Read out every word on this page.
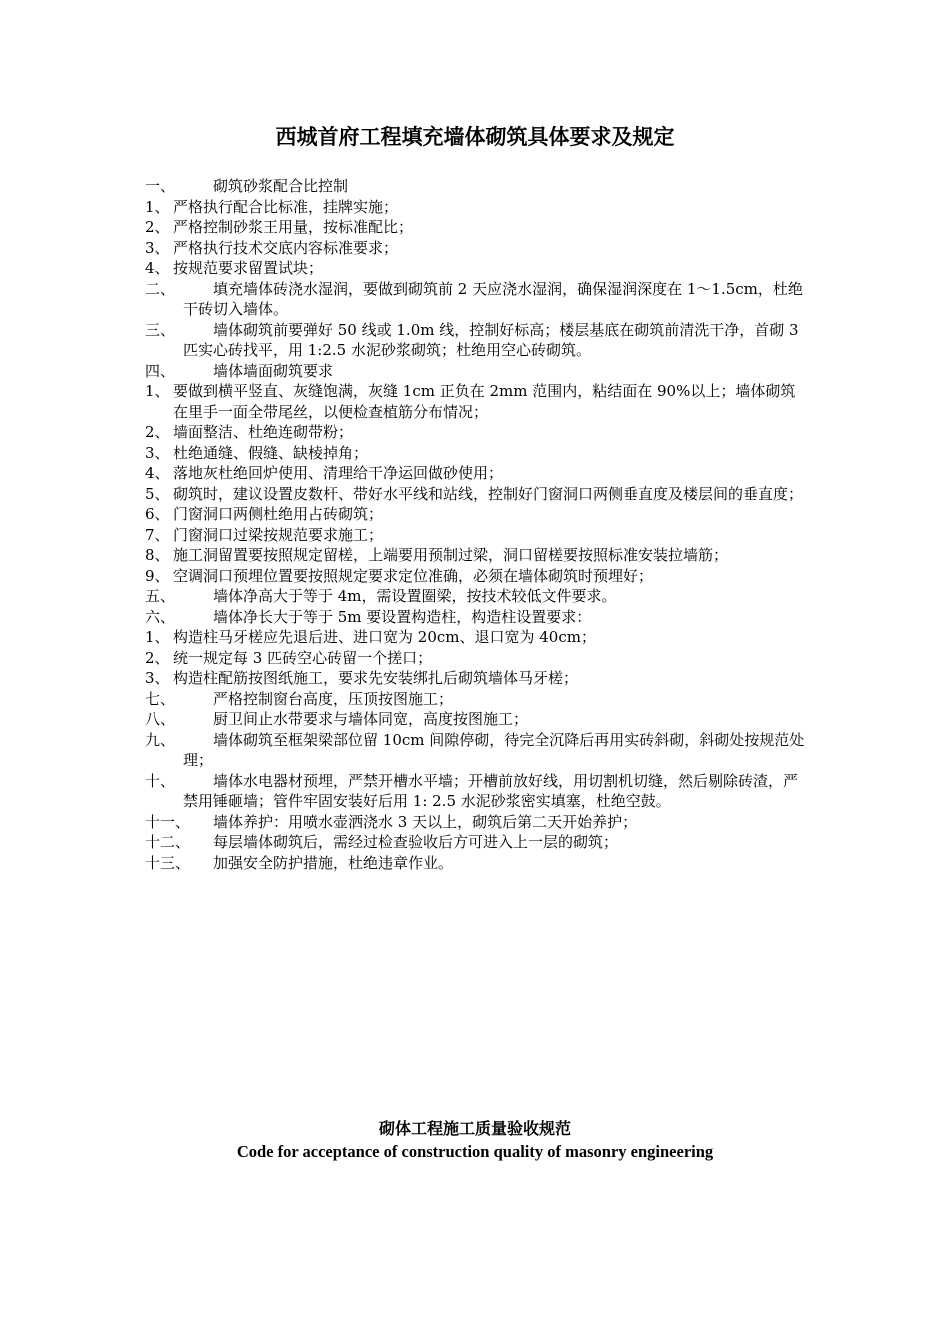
西城首府工程填充墙体砌筑具体要求及规定

一、	砌筑砂浆配合比控制

1、 严格执行配合比标准，挂牌实施；

2、 严格控制砂浆王用量，按标准配比；

3、 严格执行技术交底内容标准要求；

4、 按规范要求留置试块；

二、	填充墙体砖浇水湿润，要做到砌筑前 2 天应浇水湿润，确保湿润深度在 1～1.5cm，杜绝干砖切入墙体。

三、	墙体砌筑前要弹好 50 线或 1.0m 线，控制好标高；楼层基底在砌筑前清洗干净，首砌 3 匹实心砖找平，用 1:2.5 水泥砂浆砌筑；杜绝用空心砖砌筑。

四、	墙体墙面砌筑要求

1、 要做到横平竖直、灰缝饱满，灰缝 1cm 正负在 2mm 范围内，粘结面在 90%以上；墙体砌筑在里手一面全带尾丝，以便检查植筋分布情况；

2、 墙面整洁、杜绝连砌带粉；

3、 杜绝通缝、假缝、缺棱掉角；

4、 落地灰杜绝回炉使用、清理给干净运回做砂使用；

5、 砌筑时，建议设置皮数杆、带好水平线和站线，控制好门窗洞口两侧垂直度及楼层间的垂直度；

6、 门窗洞口两侧杜绝用占砖砌筑；

7、 门窗洞口过梁按规范要求施工；

8、 施工洞留置要按照规定留槎，上端要用预制过梁，洞口留槎要按照标准安装拉墙筋；

9、 空调洞口预埋位置要按照规定要求定位准确，必须在墙体砌筑时预埋好；

五、	墙体净高大于等于 4m，需设置圈梁，按技术较低文件要求。

六、	墙体净长大于等于 5m 要设置构造柱，构造柱设置要求：

1、 构造柱马牙槎应先退后进、进口宽为 20cm、退口宽为 40cm；

2、 统一规定每 3 匹砖空心砖留一个搓口；

3、 构造柱配筋按图纸施工，要求先安装绑扎后砌筑墙体马牙槎；

七、	严格控制窗台高度，压顶按图施工；

八、	厨卫间止水带要求与墙体同宽，高度按图施工；

九、	墙体砌筑至框架梁部位留 10cm 间隙停砌，待完全沉降后再用实砖斜砌，斜砌处按规范处理；

十、	墙体水电器材预埋，严禁开槽水平墙；开槽前放好线，用切割机切缝，然后剔除砖渣，严禁用锤砸墙；管件牢固安装好后用 1: 2.5 水泥砂浆密实填塞，杜绝空鼓。

十一、	墙体养护：用喷水壶洒浇水 3 天以上，砌筑后第二天开始养护；

十二、	每层墙体砌筑后，需经过检查验收后方可进入上一层的砌筑；

十三、	加强安全防护措施，杜绝违章作业。

砌体工程施工质量验收规范
Code for acceptance of construction quality of masonry engineering
